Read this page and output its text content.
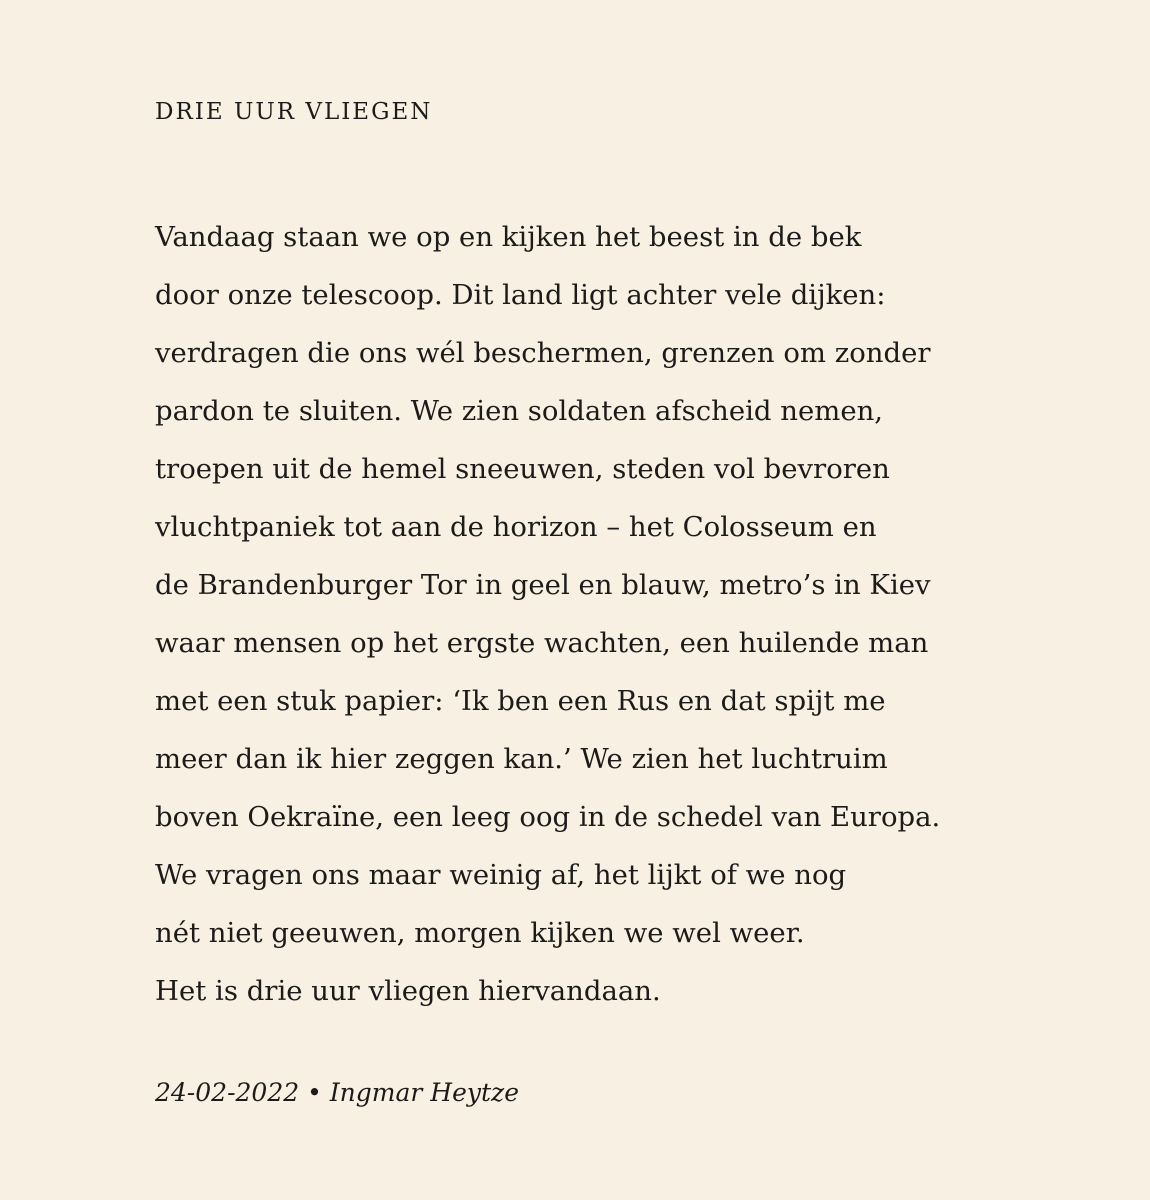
DRIE UUR VLIEGEN
Vandaag staan we op en kijken het beest in de bek
door onze telescoop. Dit land ligt achter vele dijken:
verdragen die ons wél beschermen, grenzen om zonder
pardon te sluiten. We zien soldaten afscheid nemen,
troepen uit de hemel sneeuwen, steden vol bevroren
vluchtpaniek tot aan de horizon – het Colosseum en
de Brandenburger Tor in geel en blauw, metro’s in Kiev
waar mensen op het ergste wachten, een huilende man
met een stuk papier: ‘Ik ben een Rus en dat spijt me
meer dan ik hier zeggen kan.’ We zien het luchtruim
boven Oekraïne, een leeg oog in de schedel van Europa.
We vragen ons maar weinig af, het lijkt of we nog
nét niet geeuwen, morgen kijken we wel weer.
Het is drie uur vliegen hiervandaan.
24-02-2022 • Ingmar Heytze
